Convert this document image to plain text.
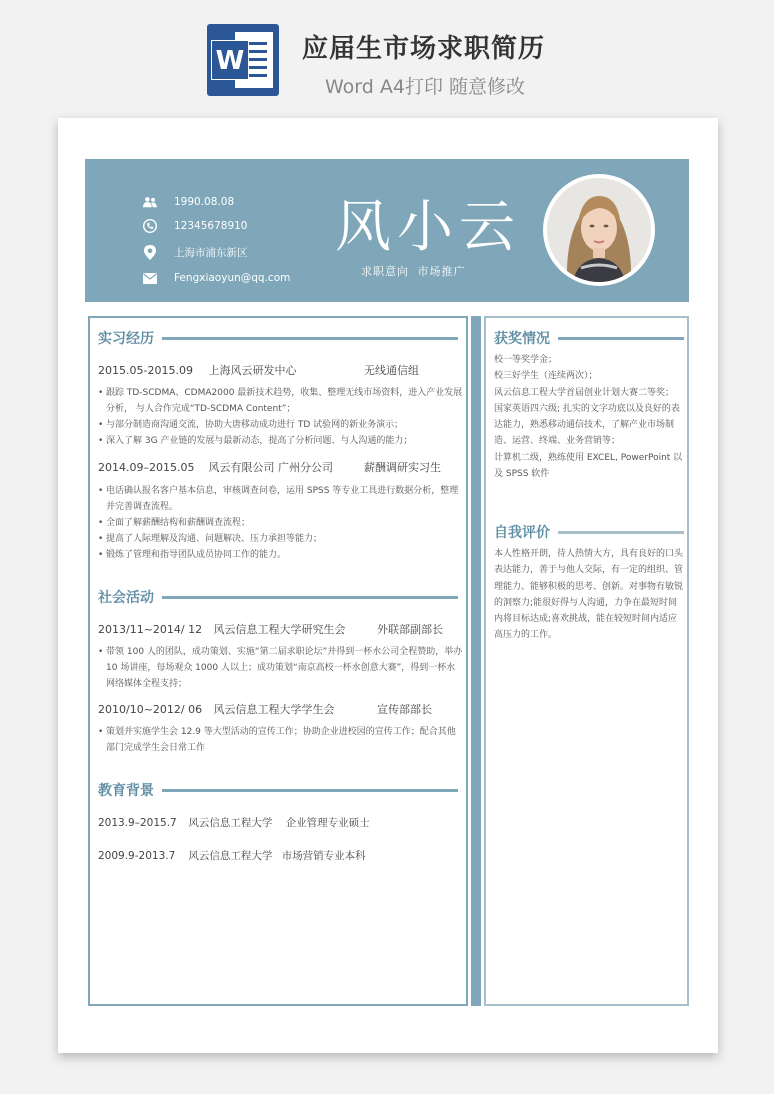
W 应届生市场求职简历
Word A4打印 随意修改
1990.08.08
12345678910
上海市浦东新区
Fengxiaoyun@qq.com
风小云
求职意向 市场推广
实习经历
2015.05-2015.09 上海风云研发中心	无线通信组

• 跟踪 TD-SCDMA、CDMA2000 最新技术趋势，收集、整理无线市场资料，进入产业发展分析， 与人合作完成“TD-SCDMA Content”；

• 与部分制造商沟通交流，协助大唐移动成功进行 TD 试验网的新业务演示；

• 深入了解 3G 产业链的发展与最新动态，提高了分析问题、与人沟通的能力；

2014.09–2015.05 风云有限公司 广州分公司	薪酬调研实习生

• 电话确认报名客户基本信息，审核调查问卷，运用 SPSS 等专业工具进行数据分析，整理并完善调查流程。

• 全面了解薪酬结构和薪酬调查流程；

• 提高了人际理解及沟通、问题解决、压力承担等能力；

• 锻炼了管理和指导团队成员协同工作的能力。

社会活动
2013/11~2014/ 12 风云信息工程大学研究生会	外联部副部长

• 带领 100 人的团队，成功策划、实施“第二届求职论坛”并得到一杯水公司全程赞助，举办 10 场讲座，每场观众 1000 人以上；成功策划“南京高校一杯水创意大赛”，得到一杯水网络媒体全程支持；

2010/10~2012/ 06 风云信息工程大学学生会	宣传部部长

• 策划并实施学生会 12.9 等大型活动的宣传工作；协助企业进校园的宣传工作；配合其他部门完成学生会日常工作

教育背景
2013.9–2015.7 风云信息工程大学 企业管理专业硕士
2009.9-2013.7 风云信息工程大学 市场营销专业本科
获奖情况

校一等奖学金；

校三好学生（连续两次）；

风云信息工程大学首届创业计划大赛二等奖；

国家英语四六级; 扎实的文字功底以及良好的表达能力，熟悉移动通信技术，了解产业市场制造、运营、终端、业务营销等；

计算机二级，熟练使用 EXCEL, PowerPoint 以及 SPSS 软件

自我评价
本人性格开朗，待人热情大方，具有良好的口头表达能力，善于与他人交际，有一定的组织、管理能力、能够积极的思考、创新。对事物有敏锐的洞察力;能很好得与人沟通，力争在最短时间内将目标达成;喜欢挑战，能在较短时间内适应高压力的工作。
